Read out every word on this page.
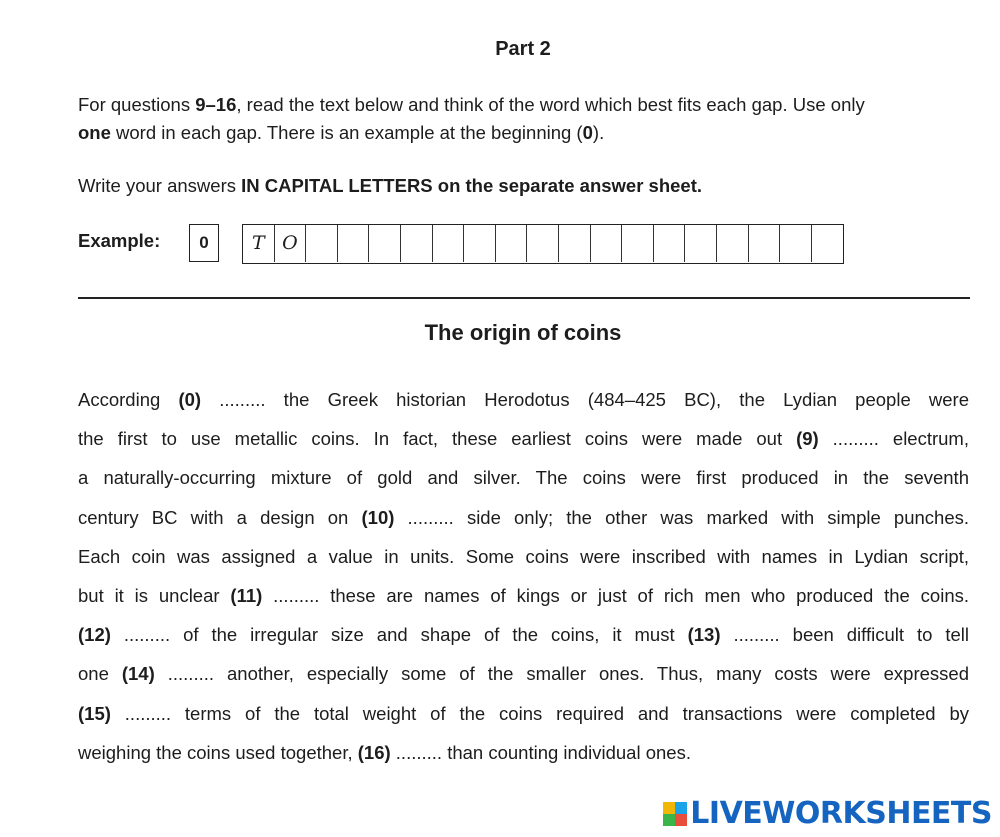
Part 2
For questions 9–16, read the text below and think of the word which best fits each gap. Use only
one word in each gap. There is an example at the beginning (0).
Write your answers IN CAPITAL LETTERS on the separate answer sheet.
Example:	0	T O
The origin of coins
According (0) ......... the Greek historian Herodotus (484–425 BC), the Lydian people were
the first to use metallic coins. In fact, these earliest coins were made out (9) ......... electrum,
a naturally-occurring mixture of gold and silver. The coins were first produced in the seventh
century BC with a design on (10) ......... side only; the other was marked with simple punches.
Each coin was assigned a value in units. Some coins were inscribed with names in Lydian script,
but it is unclear (11) ......... these are names of kings or just of rich men who produced the coins.
(12) ......... of the irregular size and shape of the coins, it must (13) ......... been difficult to tell
one (14) ......... another, especially some of the smaller ones. Thus, many costs were expressed
(15) ......... terms of the total weight of the coins required and transactions were completed by
weighing the coins used together, (16) ......... than counting individual ones.
LIVEWORKSHEETS
